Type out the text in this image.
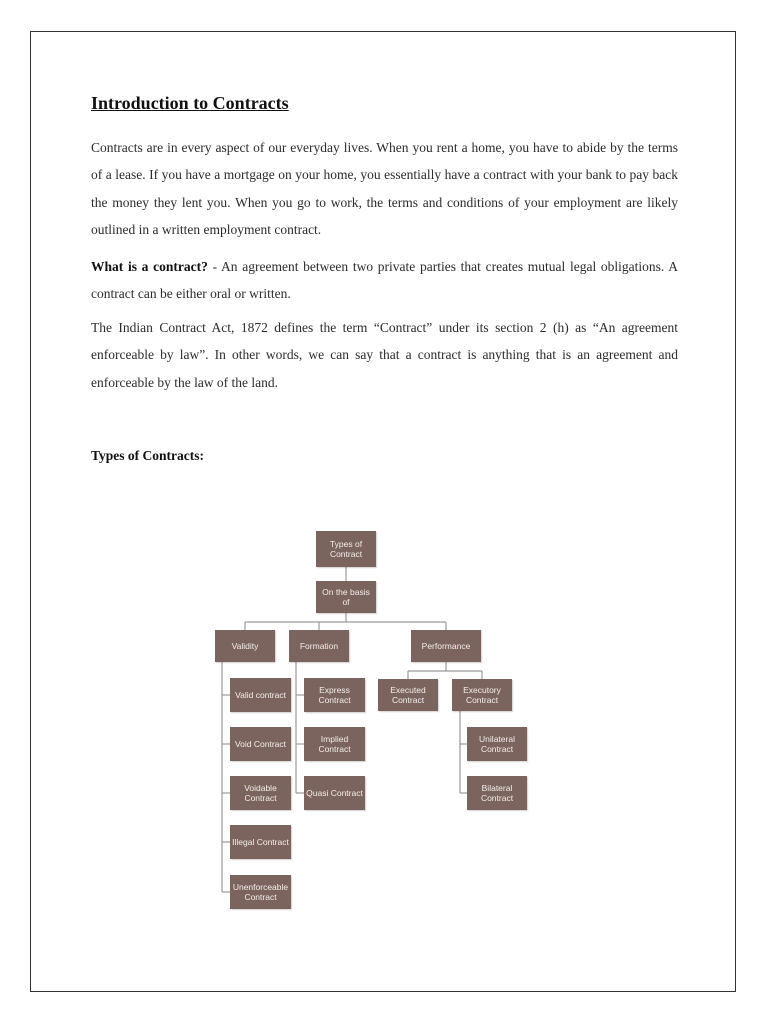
Introduction to Contracts

Contracts are in every aspect of our everyday lives. When you rent a home, you have to abide by the terms of a lease. If you have a mortgage on your home, you essentially have a contract with your bank to pay back the money they lent you. When you go to work, the terms and conditions of your employment are likely outlined in a written employment contract.

What is a contract? - An agreement between two private parties that creates mutual legal obligations. A contract can be either oral or written.

The Indian Contract Act, 1872 defines the term “Contract” under its section 2 (h) as “An agreement enforceable by law”. In other words, we can say that a contract is anything that is an agreement and enforceable by the law of the land.

Types of Contracts:
Types of Contract
On the basis of
Validity	Formation	Performance
Valid contract
Void Contract
Voidable Contract
Illegal Contract
Unenforceable Contract
Express Contract
Implied Contract
Quasi Contract
Executed Contract
Executory Contract
Unilateral Contract
Bilateral Contract
